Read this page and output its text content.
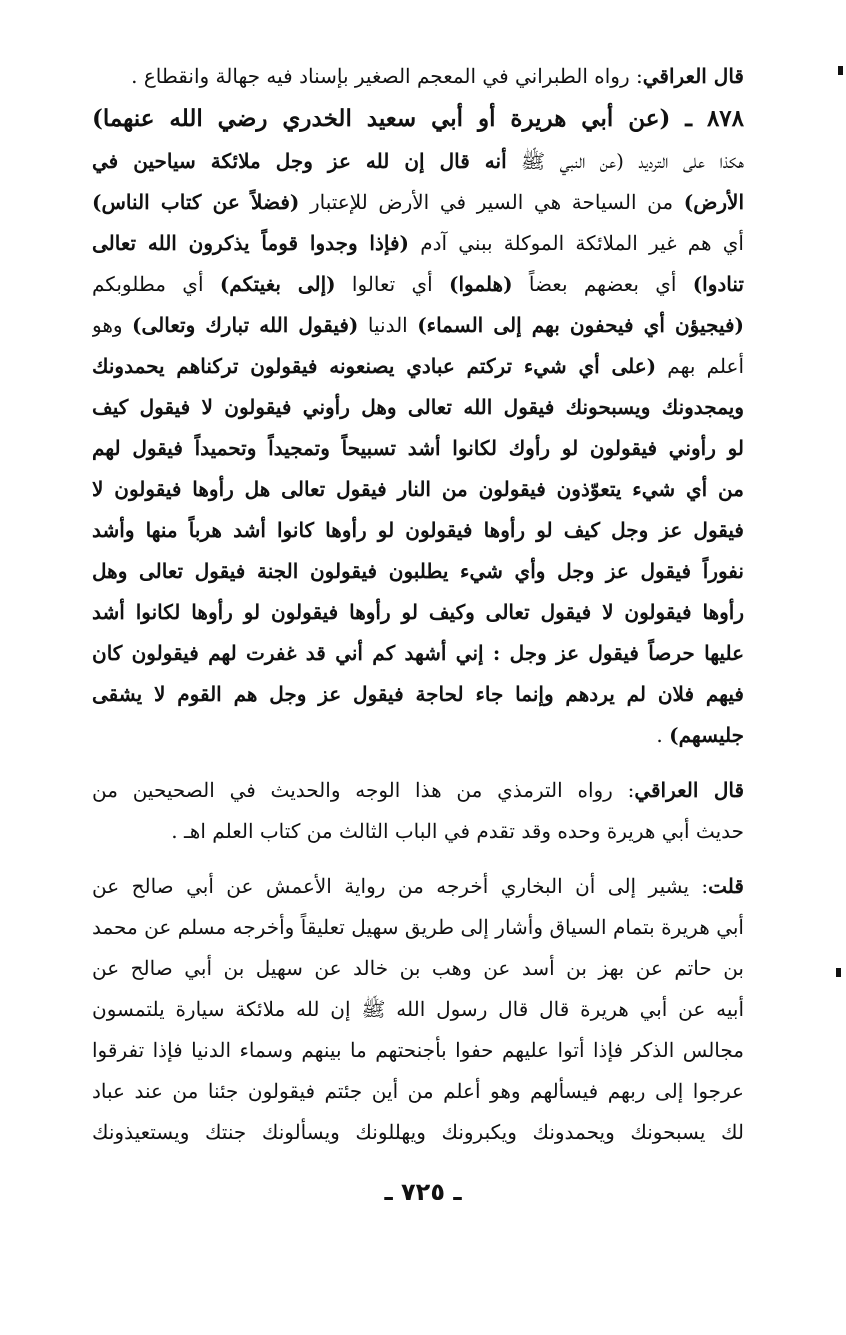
قال العراقي: رواه الطبراني في المعجم الصغير بإسناد فيه جهالة وانقطاع .
٨٧٨ ـ (عن أبي هريرة أو أبي سعيد الخدري رضي الله عنهما)
هكذا على الترديد (عن النبي ﷺ أنه قال إن لله عز وجل ملائكة سياحين في
الأرض) من السياحة هي السير في الأرض للإعتبار (فضلاً عن كتاب الناس)
أي هم غير الملائكة الموكلة ببني آدم (فإذا وجدوا قوماً يذكرون الله تعالى
تنادوا) أي بعضهم بعضاً (هلموا) أي تعالوا (إلى بغيتكم) أي مطلوبكم
(فيجيؤن أي فيحفون بهم إلى السماء) الدنيا (فيقول الله تبارك وتعالى) وهو
أعلم بهم (على أي شيء تركتم عبادي يصنعونه فيقولون تركناهم يحمدونك
ويمجدونك ويسبحونك فيقول الله تعالى وهل رأوني فيقولون لا فيقول كيف
لو رأوني فيقولون لو رأوك لكانوا أشد تسبيحاً وتمجيداً وتحميداً فيقول لهم
من أي شيء يتعوّذون فيقولون من النار فيقول تعالى هل رأوها فيقولون لا
فيقول عز وجل كيف لو رأوها فيقولون لو رأوها كانوا أشد هرباً منها وأشد
نفوراً فيقول عز وجل وأي شيء يطلبون فيقولون الجنة فيقول تعالى وهل
رأوها فيقولون لا فيقول تعالى وكيف لو رأوها فيقولون لو رأوها لكانوا أشد
عليها حرصاً فيقول عز وجل : إني أشهد كم أني قد غفرت لهم فيقولون كان
فيهم فلان لم يردهم وإنما جاء لحاجة فيقول عز وجل هم القوم لا يشقى
جليسهم) .
قال العراقي: رواه الترمذي من هذا الوجه والحديث في الصحيحين من
حديث أبي هريرة وحده وقد تقدم في الباب الثالث من كتاب العلم اهـ .
قلت: يشير إلى أن البخاري أخرجه من رواية الأعمش عن أبي صالح عن
أبي هريرة بتمام السياق وأشار إلى طريق سهيل تعليقاً وأخرجه مسلم عن محمد
بن حاتم عن بهز بن أسد عن وهب بن خالد عن سهيل بن أبي صالح عن
أبيه عن أبي هريرة قال قال رسول الله ﷺ إن لله ملائكة سيارة يلتمسون
مجالس الذكر فإذا أتوا عليهم حفوا بأجنحتهم ما بينهم وسماء الدنيا فإذا تفرقوا
عرجوا إلى ربهم فيسألهم وهو أعلم من أين جئتم فيقولون جئنا من عند عباد
لك يسبحونك ويحمدونك ويكبرونك ويهللونك ويسألونك جنتك ويستعيذونك
ـ ٧٢٥ ـ
